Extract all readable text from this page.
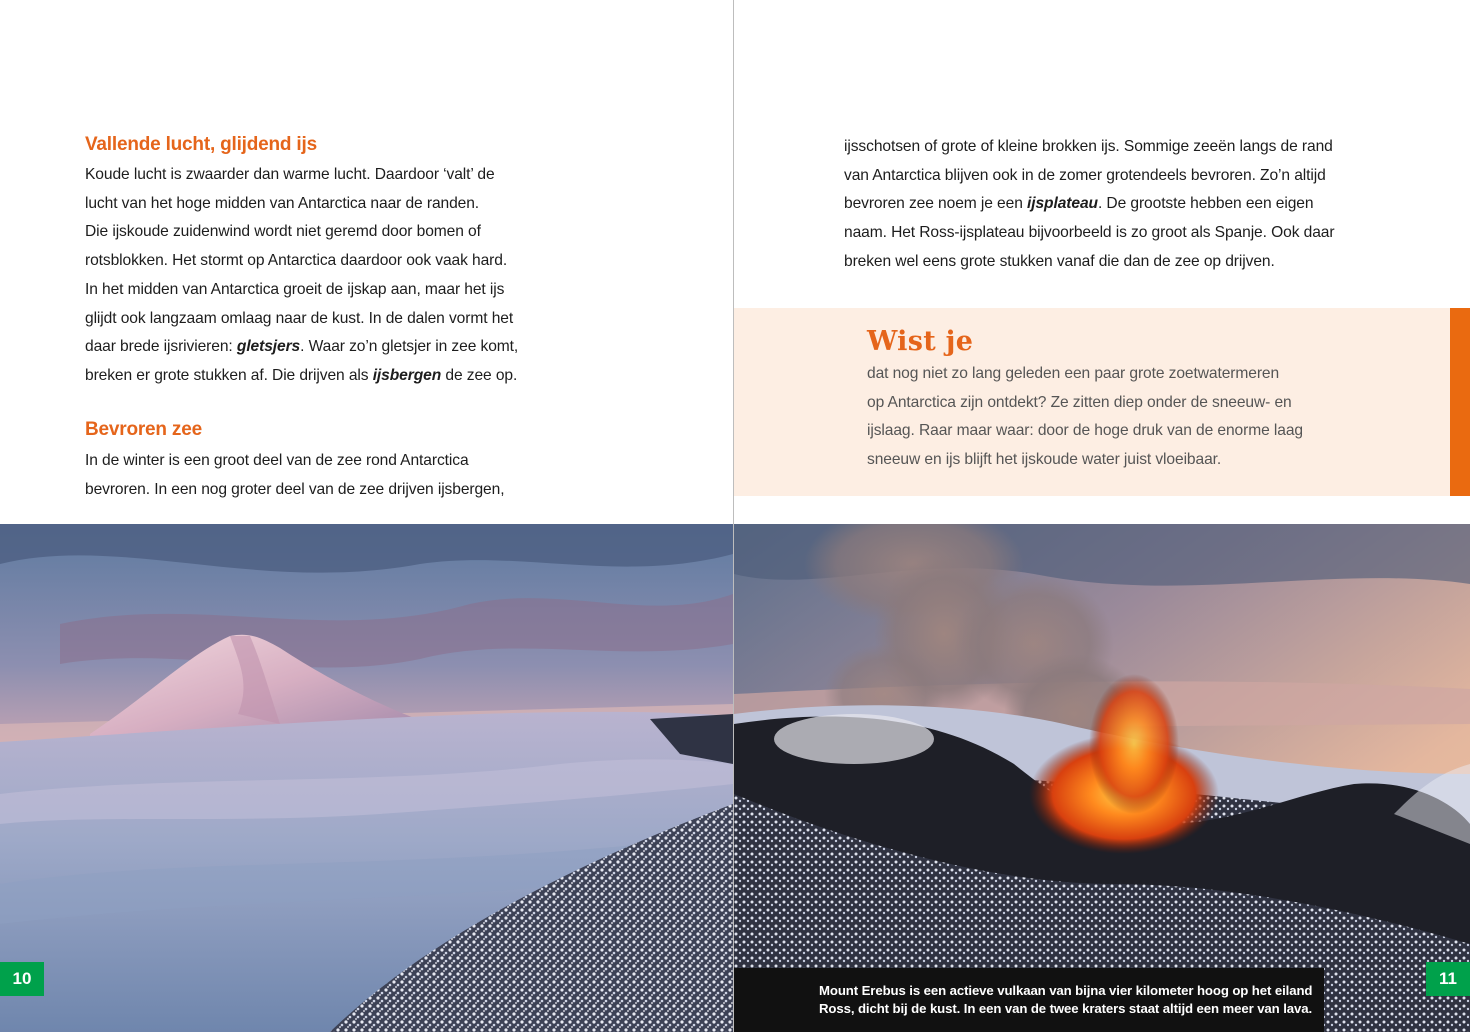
Vallende lucht, glijdend ijs

Koude lucht is zwaarder dan warme lucht. Daardoor ‘valt’ de
lucht van het hoge midden van Antarctica naar de randen.
Die ijskoude zuidenwind wordt niet geremd door bomen of
rotsblokken. Het stormt op Antarctica daardoor ook vaak hard.
In het midden van Antarctica groeit de ijskap aan, maar het ijs
glijdt ook langzaam omlaag naar de kust. In de dalen vormt het
daar brede ijsrivieren: gletsjers. Waar zo’n gletsjer in zee komt,
breken er grote stukken af. Die drijven als ijsbergen de zee op.

Bevroren zee

In de winter is een groot deel van de zee rond Antarctica
bevroren. In een nog groter deel van de zee drijven ijsbergen,

10

ijsschotsen of grote of kleine brokken ijs. Sommige zeeën langs de rand
van Antarctica blijven ook in de zomer grotendeels bevroren. Zo’n altijd
bevroren zee noem je een ijsplateau. De grootste hebben een eigen
naam. Het Ross-ijsplateau bijvoorbeeld is zo groot als Spanje. Ook daar
breken wel eens grote stukken vanaf die dan de zee op drijven.

Wist je

dat nog niet zo lang geleden een paar grote zoetwatermeren
op Antarctica zijn ontdekt? Ze zitten diep onder de sneeuw- en
ijslaag. Raar maar waar: door de hoge druk van de enorme laag
sneeuw en ijs blijft het ijskoude water juist vloeibaar.

Mount Erebus is een actieve vulkaan van bijna vier kilometer hoog op het eiland
Ross, dicht bij de kust. In een van de twee kraters staat altijd een meer van lava.
11
